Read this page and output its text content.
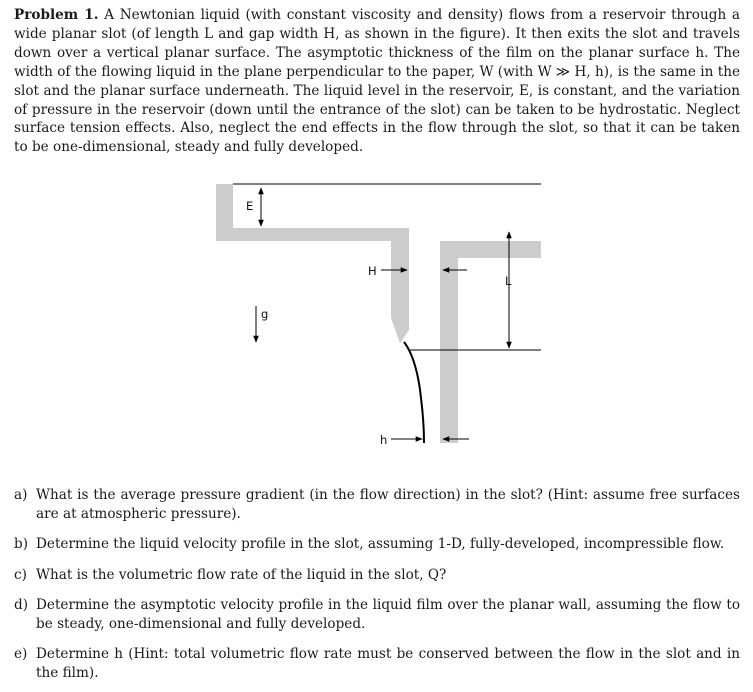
Problem 1. A Newtonian liquid (with constant viscosity and density) flows from a reservoir through a wide planar slot (of length L and gap width H, as shown in the figure). It then exits the slot and travels down over a vertical planar surface. The asymptotic thickness of the film on the planar surface h. The width of the flowing liquid in the plane perpendicular to the paper, W (with W ≫ H, h), is the same in the slot and the planar surface underneath. The liquid level in the reservoir, E, is constant, and the variation of pressure in the reservoir (down until the entrance of the slot) can be taken to be hydrostatic. Neglect surface tension effects. Also, neglect the end effects in the flow through the slot, so that it can be taken to be one-dimensional, steady and fully developed.
E
H
L
g
h
a) What is the average pressure gradient (in the flow direction) in the slot? (Hint: assume free surfaces are at atmospheric pressure).
b) Determine the liquid velocity profile in the slot, assuming 1-D, fully-developed, incompressible flow.
c) What is the volumetric flow rate of the liquid in the slot, Q?
d) Determine the asymptotic velocity profile in the liquid film over the planar wall, assuming the flow to be steady, one-dimensional and fully developed.
e) Determine h (Hint: total volumetric flow rate must be conserved between the flow in the slot and in the film).
